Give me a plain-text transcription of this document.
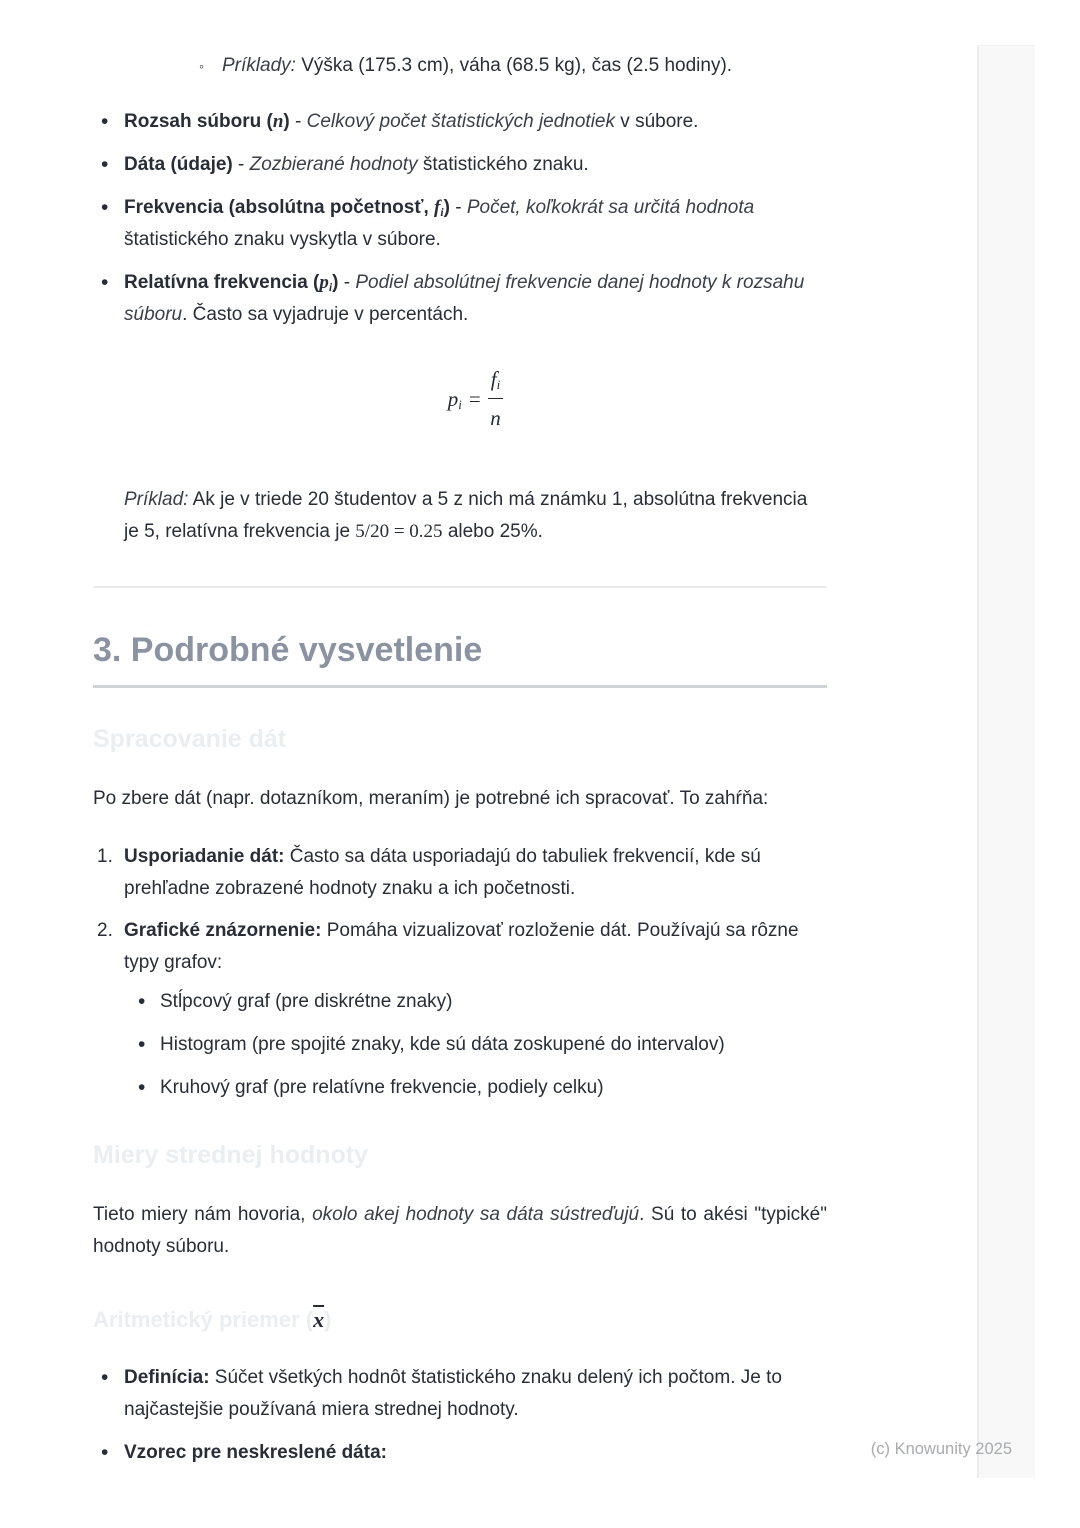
◦ Príklady: Výška (175.3 cm), váha (68.5 kg), čas (2.5 hodiny).
• Rozsah súboru (n) - Celkový počet štatistických jednotiek v súbore.
• Dáta (údaje) - Zozbierané hodnoty štatistického znaku.
• Frekvencia (absolútna početnosť, $f_i$) - Počet, koľkokrát sa určitá hodnota štatistického znaku vyskytla v súbore.
• Relatívna frekvencia $(p_i)$ - Podiel absolútnej frekvencie danej hodnoty k rozsahu súboru. Často sa vyjadruje v percentách.
$p_i = \frac{f_i}{n}$

Príklad: Ak je v triede 20 študentov a 5 z nich má známku 1, absolútna frekvencia je 5, relatívna frekvencia je 5/20 = 0.25 alebo 25%.

3. Podrobné vysvetlenie
Spracovanie dát

Po zbere dát (napr. dotazníkom, meraním) je potrebné ich spracovať. To zahŕňa:

1. Usporiadanie dát: Často sa dáta usporiadajú do tabuliek frekvencií, kde sú prehľadne zobrazené hodnoty znaku a ich početnosti.
2. Grafické znázornenie: Pomáha vizualizovať rozloženie dát. Používajú sa rôzne typy grafov:
• Stĺpcový graf (pre diskrétne znaky)
• Histogram (pre spojité znaky, kde sú dáta zoskupené do intervalov)
• Kruhový graf (pre relatívne frekvencie, podiely celku)
Miery strednej hodnoty

Tieto miery nám hovoria, okolo akej hodnoty sa dáta sústreďujú. Sú to akési "typické" hodnoty súboru.

Aritmetický priemer (x)
• Definícia: Súčet všetkých hodnôt štatistického znaku delený ich počtom. Je to najčastejšie používaná miera strednej hodnoty.
• Vzorec pre neskreslené dáta:	(c) Knowunity 2025
